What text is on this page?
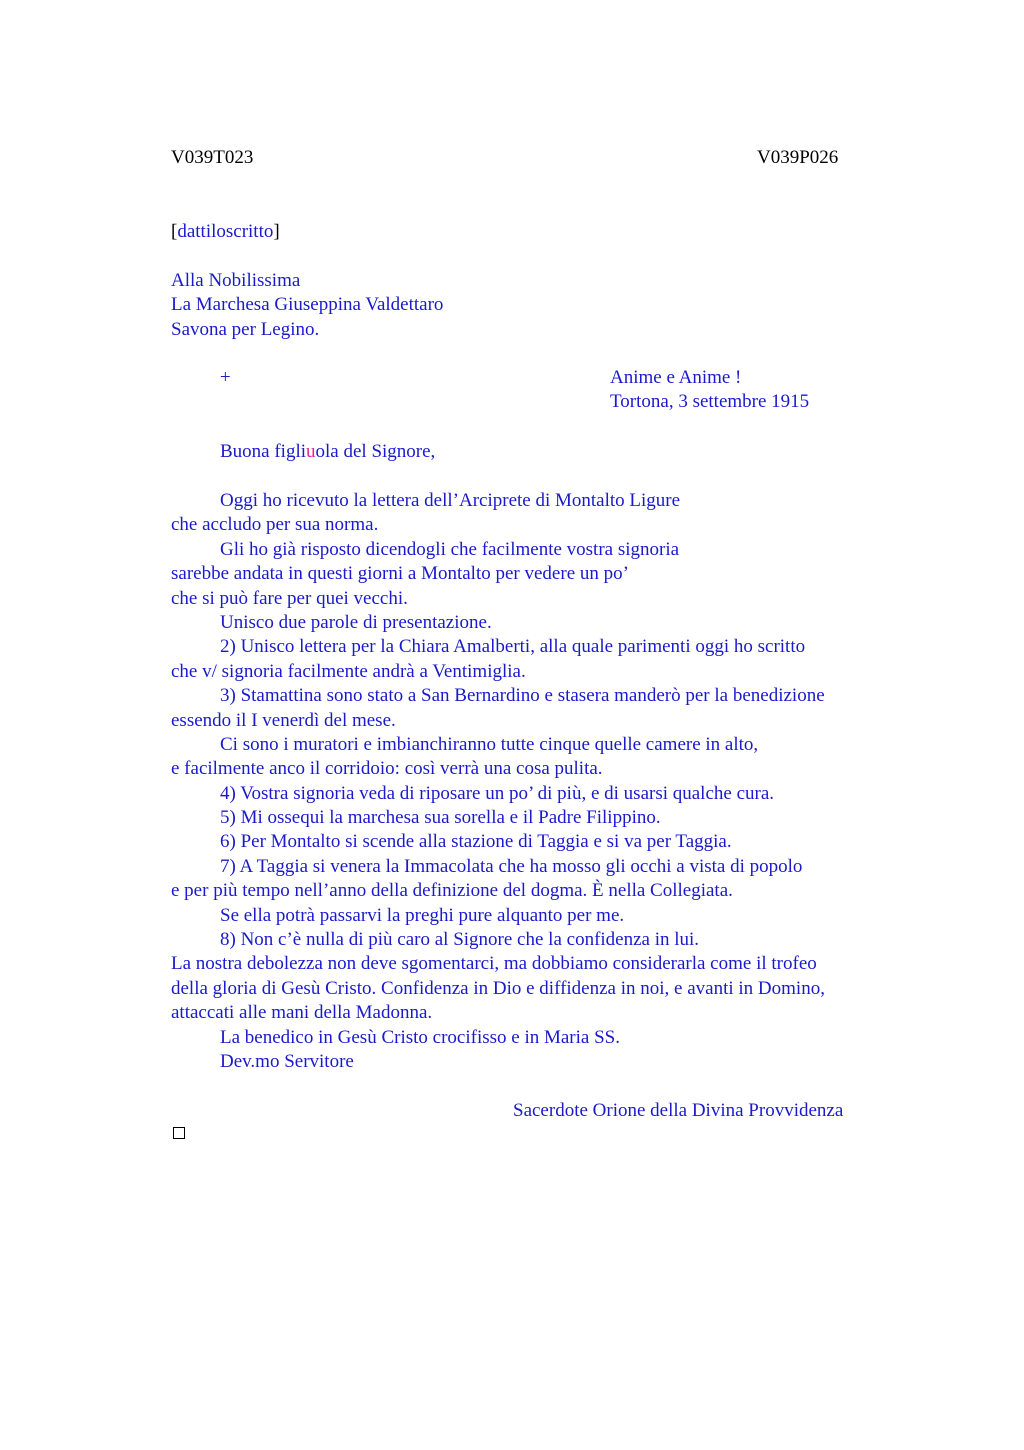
V039T023	V039P026
[dattiloscritto]
Alla Nobilissima
La Marchesa Giuseppina Valdettaro
Savona per Legino.
+	Anime e Anime !
Tortona, 3 settembre 1915
Buona figliuola del Signore,
Oggi ho ricevuto la lettera dell’Arciprete di Montalto Ligure
che accludo per sua norma.
Gli ho già risposto dicendogli che facilmente vostra signoria
sarebbe andata in questi giorni a Montalto per vedere un po’
che si può fare per quei vecchi.
Unisco due parole di presentazione.
2) Unisco lettera per la Chiara Amalberti, alla quale parimenti oggi ho scritto
che v/ signoria facilmente andrà a Ventimiglia.
3) Stamattina sono stato a San Bernardino e stasera manderò per la benedizione
essendo il I venerdì del mese.
Ci sono i muratori e imbianchiranno tutte cinque quelle camere in alto,
e facilmente anco il corridoio: così verrà una cosa pulita.
4) Vostra signoria veda di riposare un po’ di più, e di usarsi qualche cura.
5) Mi ossequi la marchesa sua sorella e il Padre Filippino.
6) Per Montalto si scende alla stazione di Taggia e si va per Taggia.
7) A Taggia si venera la Immacolata che ha mosso gli occhi a vista di popolo
e per più tempo nell’anno della definizione del dogma. È nella Collegiata.
Se ella potrà passarvi la preghi pure alquanto per me.
8) Non c’è nulla di più caro al Signore che la confidenza in lui.
La nostra debolezza non deve sgomentarci, ma dobbiamo considerarla come il trofeo
della gloria di Gesù Cristo. Confidenza in Dio e diffidenza in noi, e avanti in Domino,
attaccati alle mani della Madonna.
La benedico in Gesù Cristo crocifisso e in Maria SS.
Dev.mo Servitore
Sacerdote Orione della Divina Provvidenza
